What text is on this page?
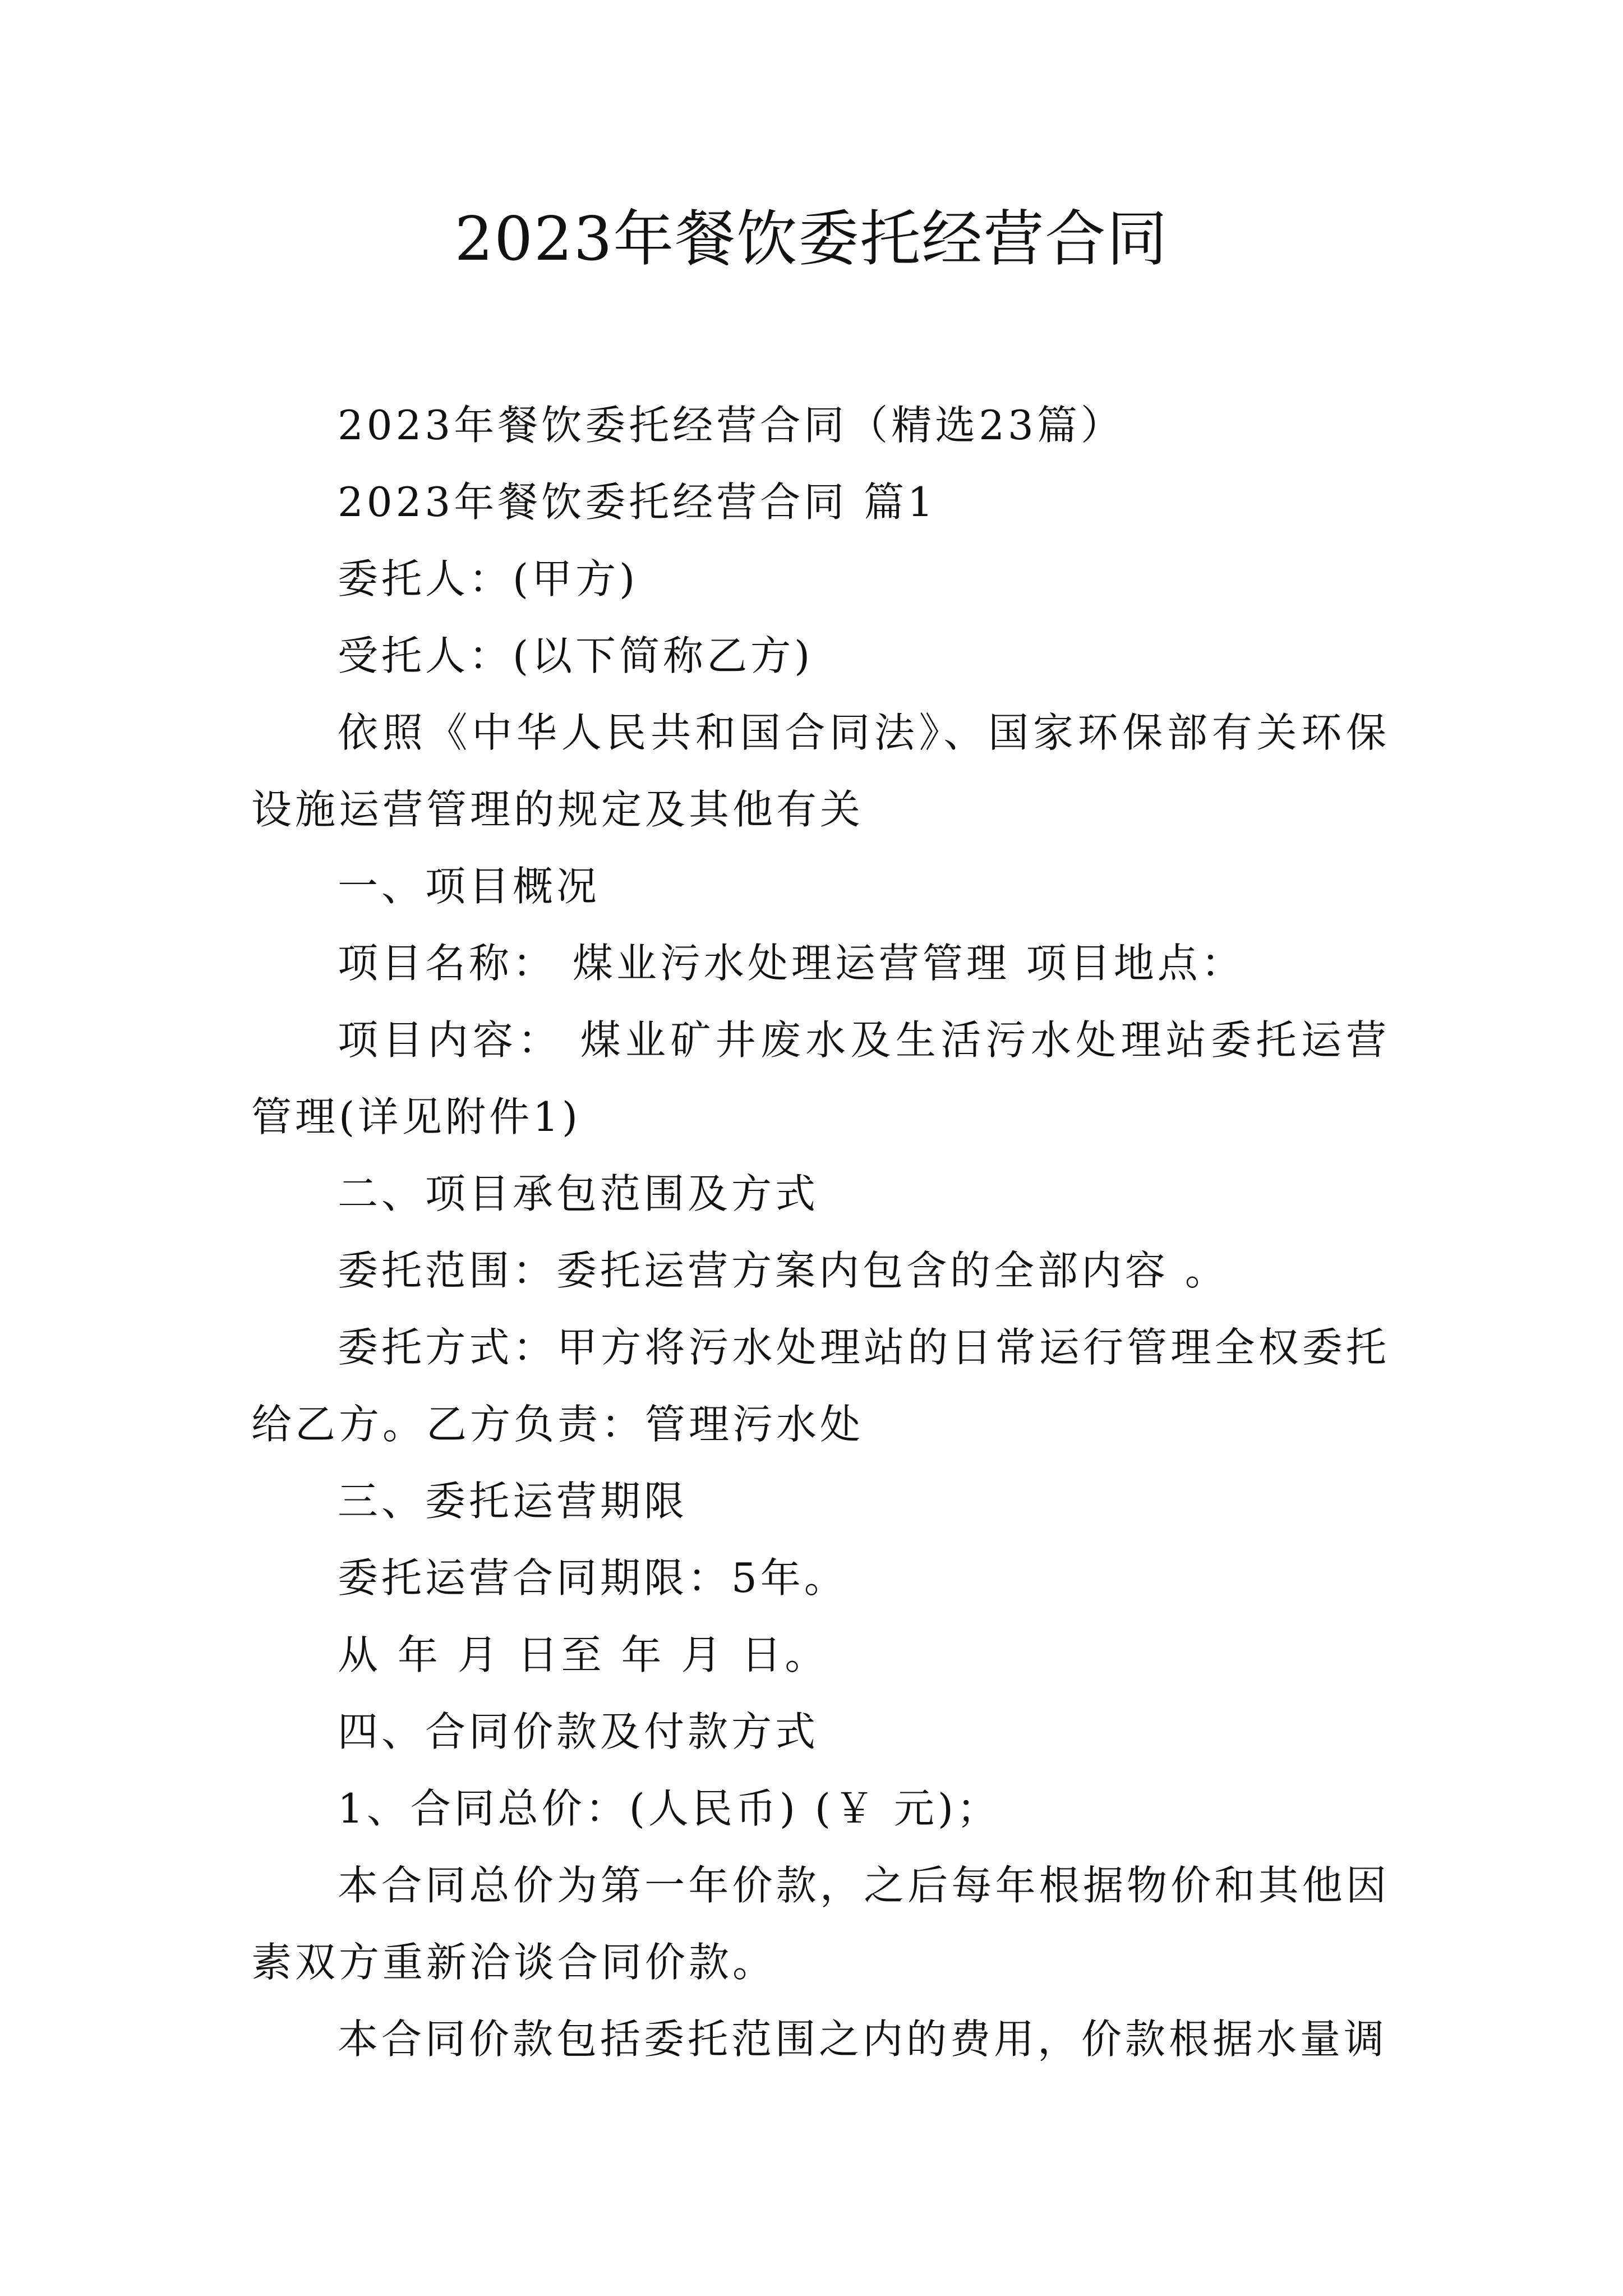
2023年餐饮委托经营合同

2023年餐饮委托经营合同（精选23篇）

2023年餐饮委托经营合同 篇1

委托人：(甲方)

受托人：(以下简称乙方)

依照《中华人民共和国合同法》、国家环保部有关环保设施运营管理的规定及其他有关

一、项目概况

项目名称： 煤业污水处理运营管理 项目地点：

项目内容： 煤业矿井废水及生活污水处理站委托运营管理(详见附件1)

二、项目承包范围及方式

委托范围：委托运营方案内包含的全部内容 。

委托方式：甲方将污水处理站的日常运行管理全权委托给乙方。乙方负责：管理污水处

三、委托运营期限

委托运营合同期限：5年。

从 年 月 日至 年 月 日。

四、合同价款及付款方式

1、合同总价：(人民币) (￥ 元)；

本合同总价为第一年价款，之后每年根据物价和其他因素双方重新洽谈合同价款。

本合同价款包括委托范围之内的费用，价款根据水量调
